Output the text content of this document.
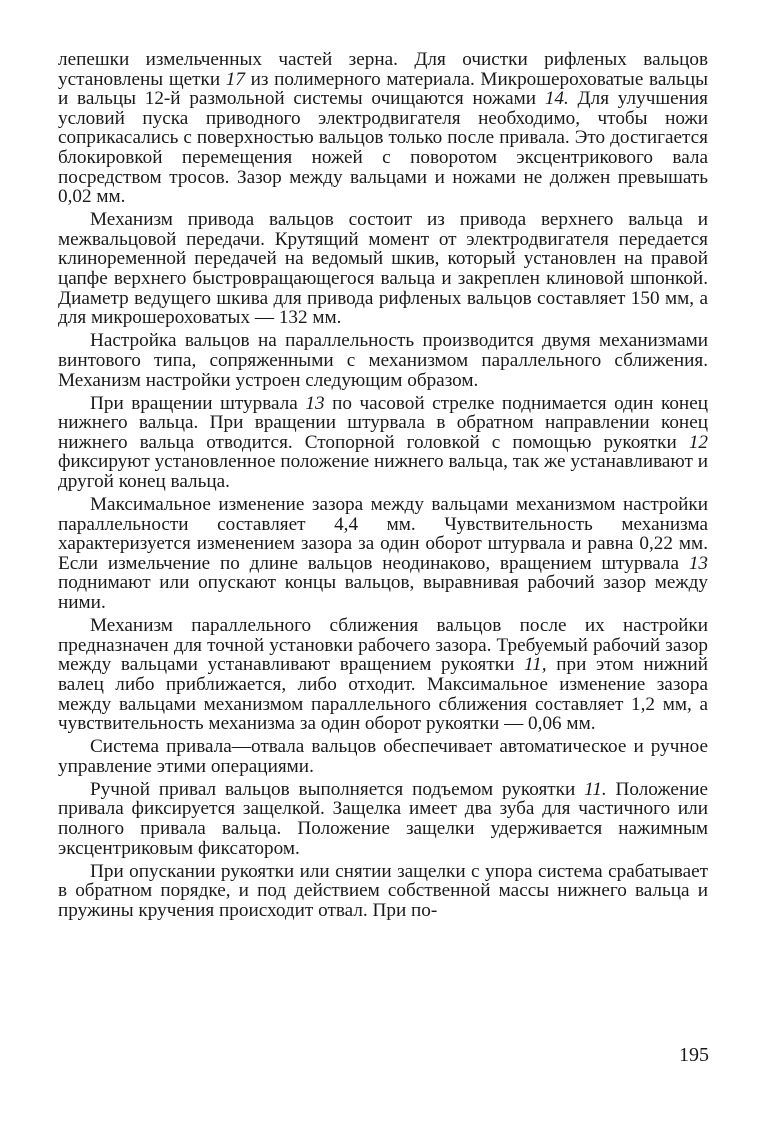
лепешки измельченных частей зерна. Для очистки рифленых вальцов установлены щетки 17 из полимерного материала. Микрошероховатые вальцы и вальцы 12-й размольной системы очищаются ножами 14. Для улучшения условий пуска приводного электродвигателя необходимо, чтобы ножи соприкасались с поверхностью вальцов только после привала. Это достигается блокировкой перемещения ножей с поворотом эксцентрикового вала посредством тросов. Зазор между вальцами и ножами не должен превышать 0,02 мм.

Механизм привода вальцов состоит из привода верхнего вальца и межвальцовой передачи. Крутящий момент от электродвигателя передается клиноременной передачей на ведомый шкив, который установлен на правой цапфе верхнего быстровращающегося вальца и закреплен клиновой шпонкой. Диаметр ведущего шкива для привода рифленых вальцов составляет 150 мм, а для микрошероховатых — 132 мм.

Настройка вальцов на параллельность производится двумя механизмами винтового типа, сопряженными с механизмом параллельного сближения. Механизм настройки устроен следующим образом.

При вращении штурвала 13 по часовой стрелке поднимается один конец нижнего вальца. При вращении штурвала в обратном направлении конец нижнего вальца отводится. Стопорной головкой с помощью рукоятки 12 фиксируют установленное положение нижнего вальца, так же устанавливают и другой конец вальца.

Максимальное изменение зазора между вальцами механизмом настройки параллельности составляет 4,4 мм. Чувствительность механизма характеризуется изменением зазора за один оборот штурвала и равна 0,22 мм. Если измельчение по длине вальцов неодинаково, вращением штурвала 13 поднимают или опускают концы вальцов, выравнивая рабочий зазор между ними.

Механизм параллельного сближения вальцов после их настройки предназначен для точной установки рабочего зазора. Требуемый рабочий зазор между вальцами устанавливают вращением рукоятки 11, при этом нижний валец либо приближается, либо отходит. Максимальное изменение зазора между вальцами механизмом параллельного сближения составляет 1,2 мм, а чувствительность механизма за один оборот рукоятки — 0,06 мм.

Система привала—отвала вальцов обеспечивает автоматическое и ручное управление этими операциями.

Ручной привал вальцов выполняется подъемом рукоятки 11. Положение привала фиксируется защелкой. Защелка имеет два зуба для частичного или полного привала вальца. Положение защелки удерживается нажимным эксцентриковым фиксатором.

При опускании рукоятки или снятии защелки с упора система срабатывает в обратном порядке, и под действием собственной массы нижнего вальца и пружины кручения происходит отвал. При по-

195
